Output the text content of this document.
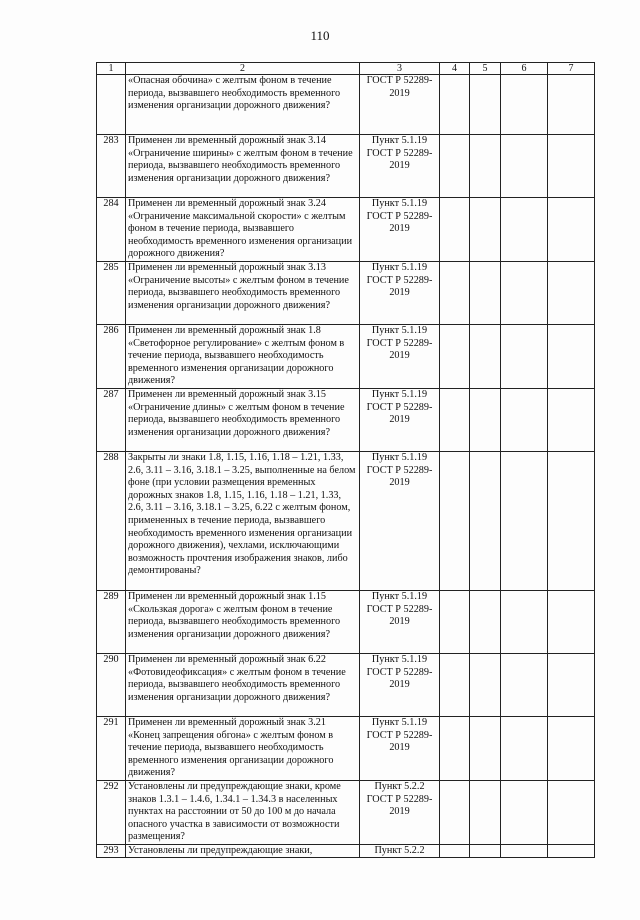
110
1	2	3	4	5	6	7
	«Опасная обочина» с желтым фоном в течение периода, вызвавшего необходимость временного изменения организации дорожного движения?	ГОСТ Р 52289-2019				
283	Применен ли временный дорожный знак 3.14 «Ограничение ширины» с желтым фоном в течение периода, вызвавшего необходимость временного изменения организации дорожного движения?	Пункт 5.1.19 ГОСТ Р 52289-2019				
284	Применен ли временный дорожный знак 3.24 «Ограничение максимальной скорости» с желтым фоном в течение периода, вызвавшего необходимость временного изменения организации дорожного движения?	Пункт 5.1.19 ГОСТ Р 52289-2019				
285	Применен ли временный дорожный знак 3.13 «Ограничение высоты» с желтым фоном в течение периода, вызвавшего необходимость временного изменения организации дорожного движения?	Пункт 5.1.19 ГОСТ Р 52289-2019				
286	Применен ли временный дорожный знак 1.8 «Светофорное регулирование» с желтым фоном в течение периода, вызвавшего необходимость временного изменения организации дорожного движения?	Пункт 5.1.19 ГОСТ Р 52289-2019				
287	Применен ли временный дорожный знак 3.15 «Ограничение длины» с желтым фоном в течение периода, вызвавшего необходимость временного изменения организации дорожного движения?	Пункт 5.1.19 ГОСТ Р 52289-2019				
288	Закрыты ли знаки 1.8, 1.15, 1.16, 1.18 – 1.21, 1.33, 2.6, 3.11 – 3.16, 3.18.1 – 3.25, выполненные на белом фоне (при условии размещения временных дорожных знаков 1.8, 1.15, 1.16, 1.18 – 1.21, 1.33, 2.6, 3.11 – 3.16, 3.18.1 – 3.25, 6.22 с желтым фоном, примененных в течение периода, вызвавшего необходимость временного изменения организации дорожного движения), чехлами, исключающими возможность прочтения изображения знаков, либо демонтированы?	Пункт 5.1.19 ГОСТ Р 52289-2019				
289	Применен ли временный дорожный знак 1.15 «Скользкая дорога» с желтым фоном в течение периода, вызвавшего необходимость временного изменения организации дорожного движения?	Пункт 5.1.19 ГОСТ Р 52289-2019				
290	Применен ли временный дорожный знак 6.22 «Фотовидеофиксация» с желтым фоном в течение периода, вызвавшего необходимость временного изменения организации дорожного движения?	Пункт 5.1.19 ГОСТ Р 52289-2019				
291	Применен ли временный дорожный знак 3.21 «Конец запрещения обгона» с желтым фоном в течение периода, вызвавшего необходимость временного изменения организации дорожного движения?	Пункт 5.1.19 ГОСТ Р 52289-2019				
292	Установлены ли предупреждающие знаки, кроме знаков 1.3.1 – 1.4.6, 1.34.1 – 1.34.3 в населенных пунктах на расстоянии от 50 до 100 м до начала опасного участка в зависимости от возможности размещения?	Пункт 5.2.2 ГОСТ Р 52289-2019				
293	Установлены ли предупреждающие знаки,	Пункт 5.2.2				
